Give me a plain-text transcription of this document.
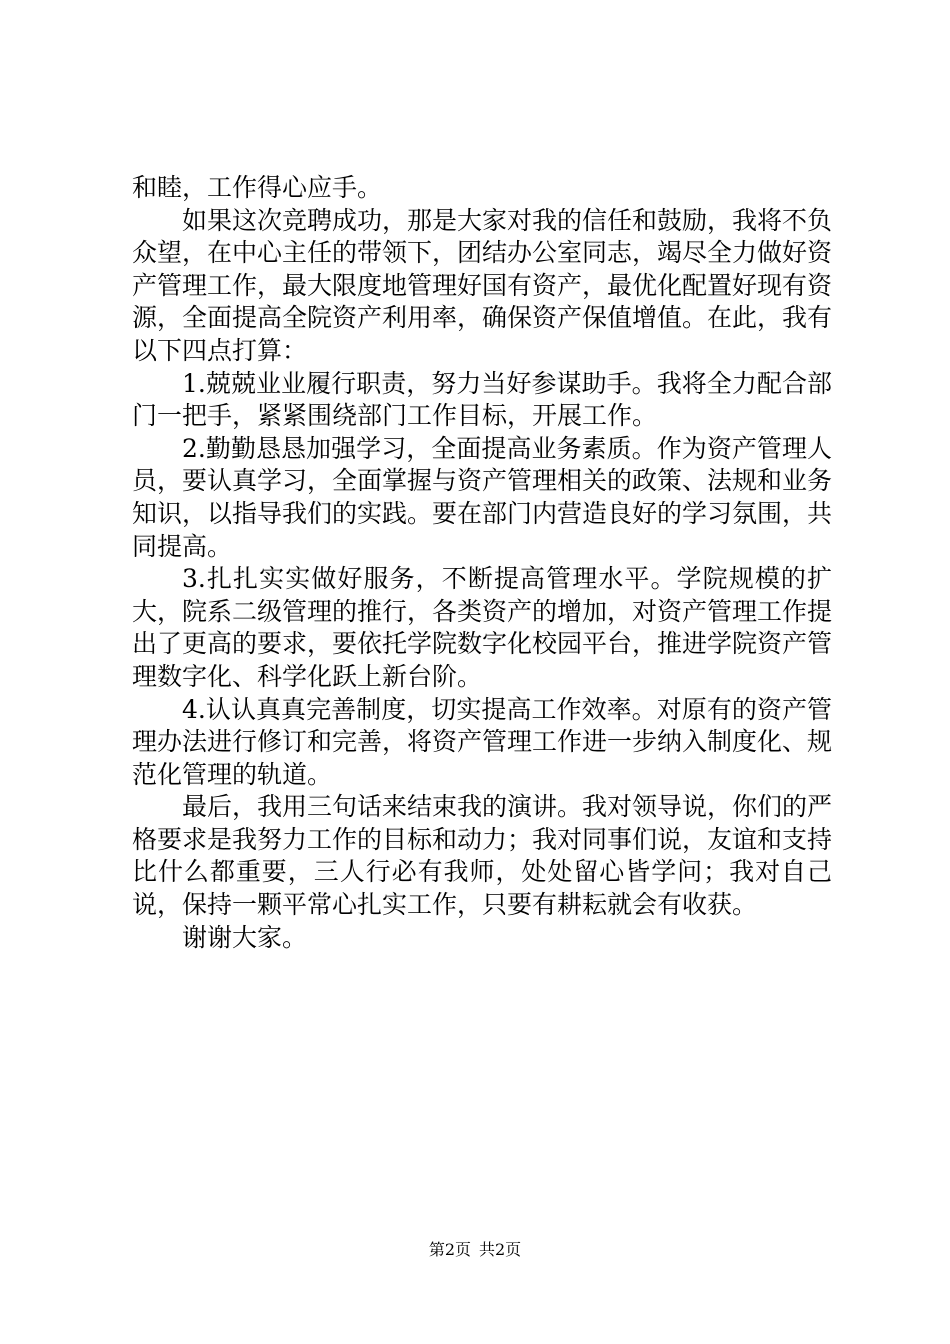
和睦，工作得心应手。

如果这次竞聘成功，那是大家对我的信任和鼓励，我将不负众望，在中心主任的带领下，团结办公室同志，竭尽全力做好资产管理工作，最大限度地管理好国有资产，最优化配置好现有资源，全面提高全院资产利用率，确保资产保值增值。在此，我有以下四点打算：

1.兢兢业业履行职责，努力当好参谋助手。我将全力配合部门一把手，紧紧围绕部门工作目标，开展工作。

2.勤勤恳恳加强学习，全面提高业务素质。作为资产管理人员，要认真学习，全面掌握与资产管理相关的政策、法规和业务知识，以指导我们的实践。要在部门内营造良好的学习氛围，共同提高。

3.扎扎实实做好服务，不断提高管理水平。学院规模的扩大，院系二级管理的推行，各类资产的增加，对资产管理工作提出了更高的要求，要依托学院数字化校园平台，推进学院资产管理数字化、科学化跃上新台阶。

4.认认真真完善制度，切实提高工作效率。对原有的资产管理办法进行修订和完善，将资产管理工作进一步纳入制度化、规范化管理的轨道。

最后，我用三句话来结束我的演讲。我对领导说，你们的严格要求是我努力工作的目标和动力；我对同事们说，友谊和支持比什么都重要，三人行必有我师，处处留心皆学问；我对自己说，保持一颗平常心扎实工作，只要有耕耘就会有收获。

谢谢大家。

第2页 共2页
